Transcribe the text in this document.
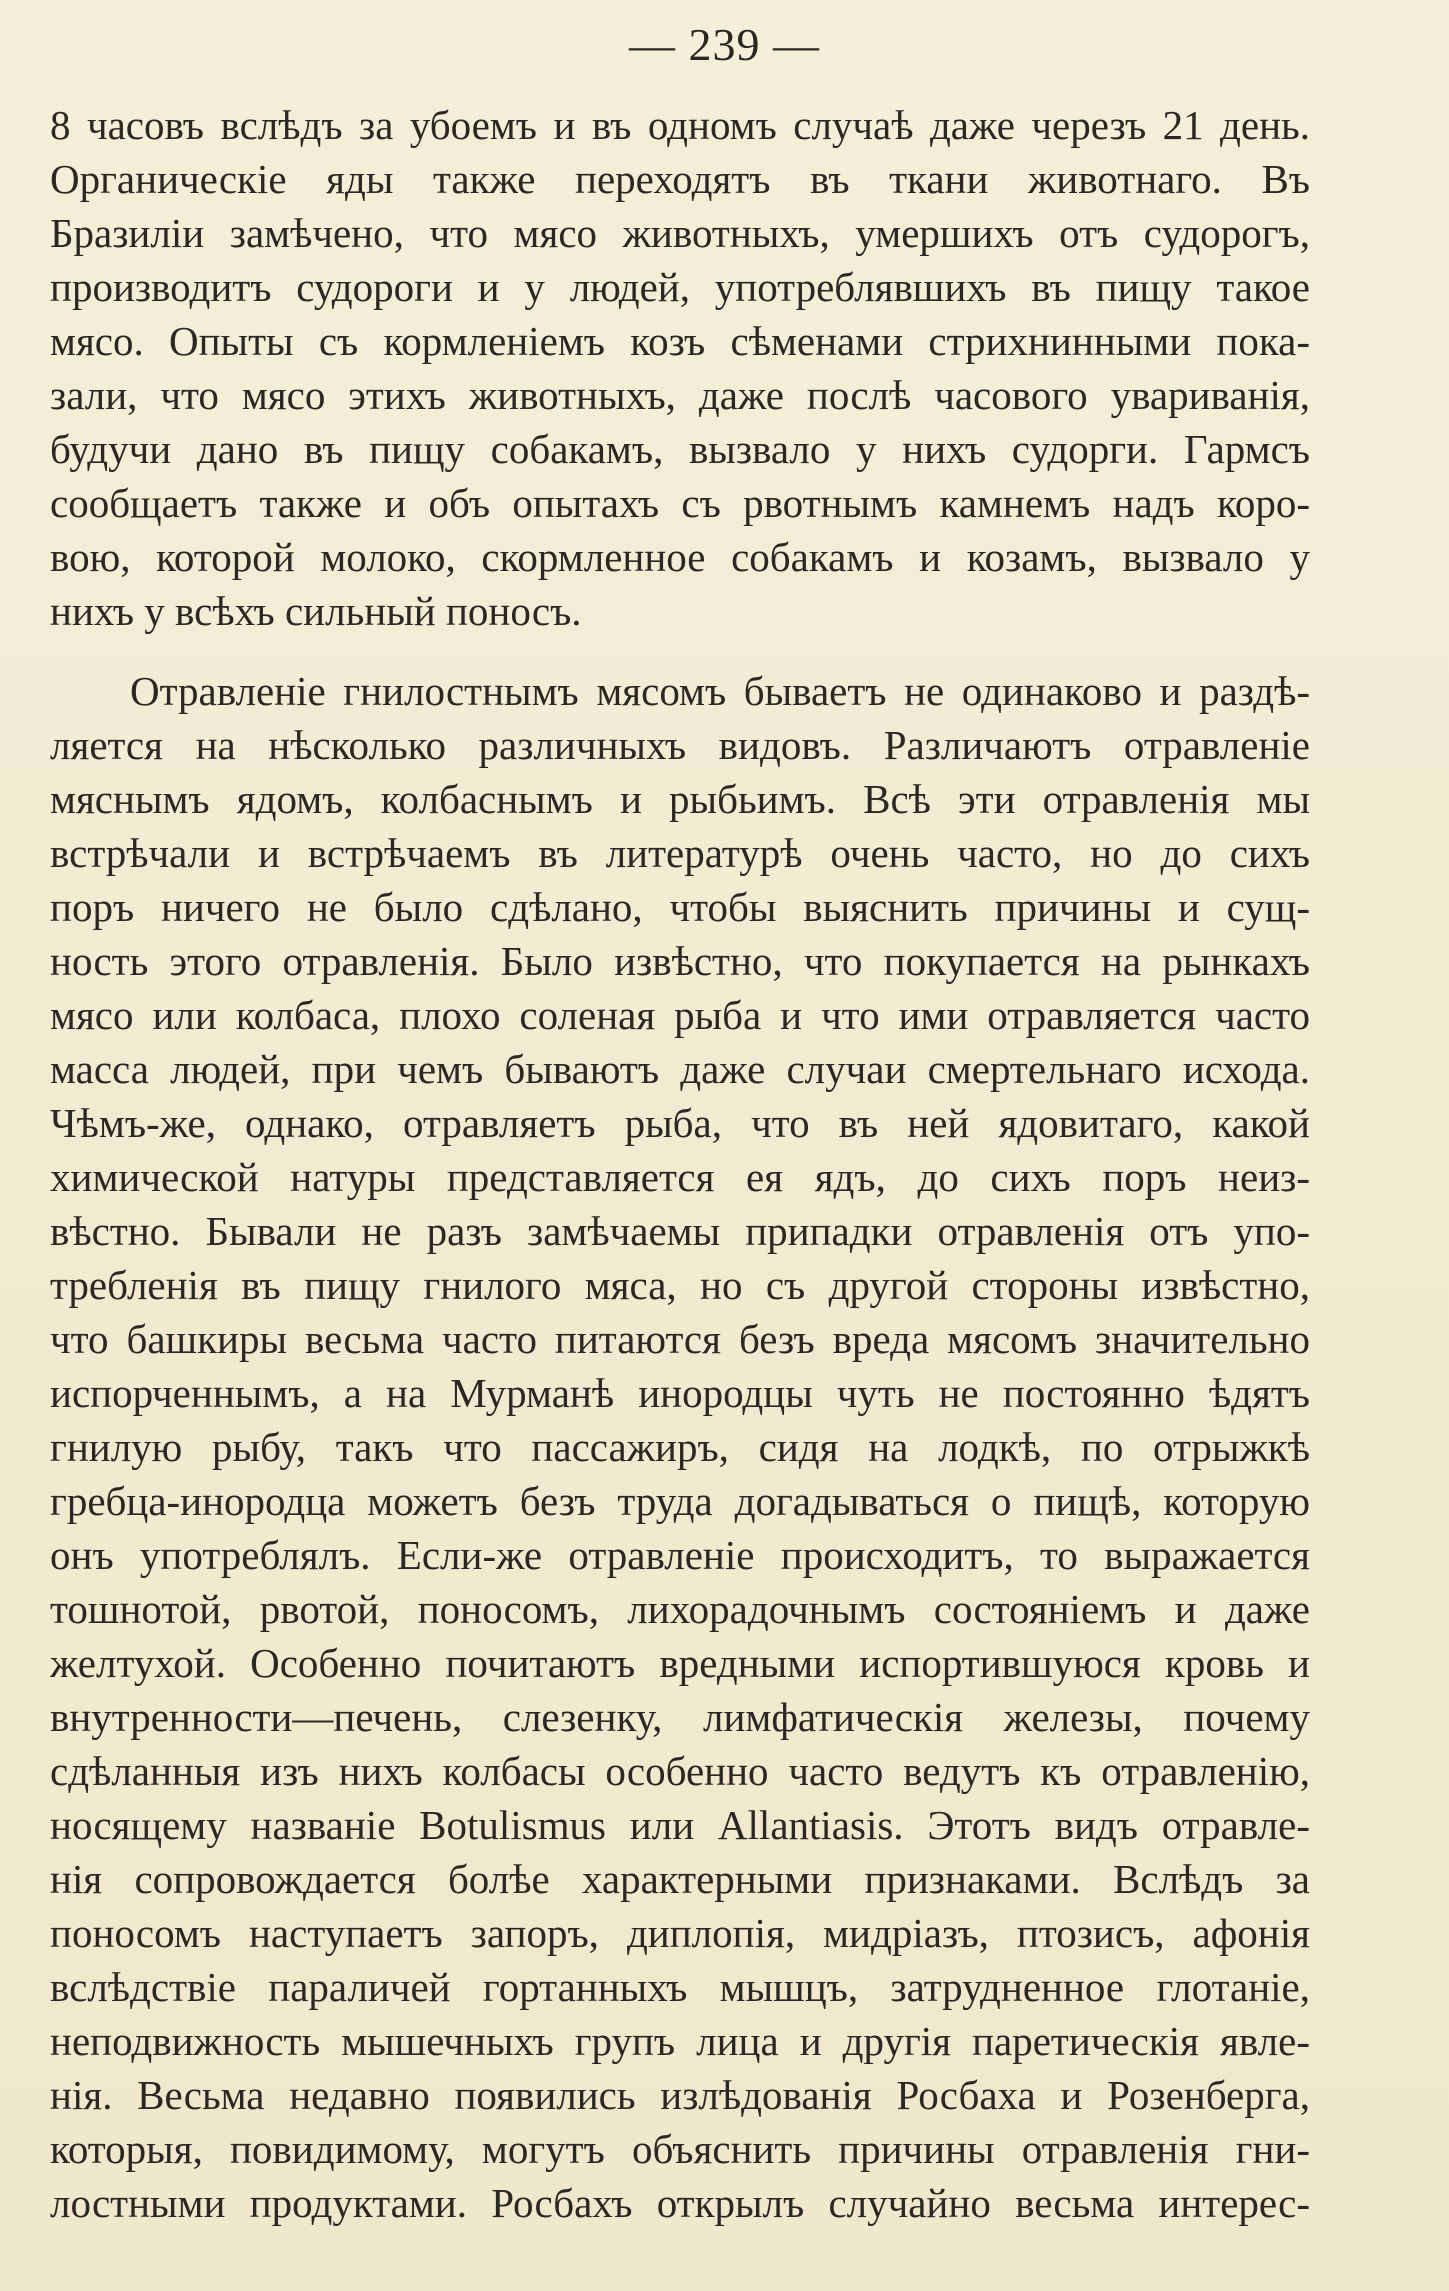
— 239 —
8 часовъ вслѣдъ за убоемъ и въ одномъ случаѣ даже черезъ 21 день.
Органическіе яды также переходятъ въ ткани животнаго. Въ
Бразиліи замѣчено, что мясо животныхъ, умершихъ отъ судорогъ,
производитъ судороги и у людей, употреблявшихъ въ пищу такое
мясо. Опыты съ кормленіемъ козъ сѣменами стрихнинными пока-
зали, что мясо этихъ животныхъ, даже послѣ часового увариванія,
будучи дано въ пищу собакамъ, вызвало у нихъ судорги. Гармсъ
сообщаетъ также и объ опытахъ съ рвотнымъ камнемъ надъ коро-
вою, которой молоко, скормленное собакамъ и козамъ, вызвало у
нихъ у всѣхъ сильный поносъ.
Отравленіе гнилостнымъ мясомъ бываетъ не одинаково и раздѣ-
ляется на нѣсколько различныхъ видовъ. Различаютъ отравленіе
мяснымъ ядомъ, колбаснымъ и рыбьимъ. Всѣ эти отравленія мы
встрѣчали и встрѣчаемъ въ литературѣ очень часто, но до сихъ
поръ ничего не было сдѣлано, чтобы выяснить причины и сущ-
ность этого отравленія. Было извѣстно, что покупается на рынкахъ
мясо или колбаса, плохо соленая рыба и что ими отравляется часто
масса людей, при чемъ бываютъ даже случаи смертельнаго исхода.
Чѣмъ-же, однако, отравляетъ рыба, что въ ней ядовитаго, какой
химической натуры представляется ея ядъ, до сихъ поръ неиз-
вѣстно. Бывали не разъ замѣчаемы припадки отравленія отъ упо-
требленія въ пищу гнилого мяса, но съ другой стороны извѣстно,
что башкиры весьма часто питаются безъ вреда мясомъ значительно
испорченнымъ, а на Мурманѣ инородцы чуть не постоянно ѣдятъ
гнилую рыбу, такъ что пассажиръ, сидя на лодкѣ, по отрыжкѣ
гребца-инородца можетъ безъ труда догадываться о пищѣ, которую
онъ употреблялъ. Если-же отравленіе происходитъ, то выражается
тошнотой, рвотой, поносомъ, лихорадочнымъ состояніемъ и даже
желтухой. Особенно почитаютъ вредными испортившуюся кровь и
внутренности—печень, слезенку, лимфатическія железы, почему
сдѣланныя изъ нихъ колбасы особенно часто ведутъ къ отравленію,
носящему названіе Botulismus или Allantiasis. Этотъ видъ отравле-
нія сопровождается болѣе характерными признаками. Вслѣдъ за
поносомъ наступаетъ запоръ, диплопія, мидріазъ, птозисъ, афонія
вслѣдствіе параличей гортанныхъ мышцъ, затрудненное глотаніе,
неподвижность мышечныхъ групъ лица и другія паретическія явле-
нія. Весьма недавно появились излѣдованія Росбаха и Розенберга,
которыя, повидимому, могутъ объяснить причины отравленія гни-
лостными продуктами. Росбахъ открылъ случайно весьма интерес-
